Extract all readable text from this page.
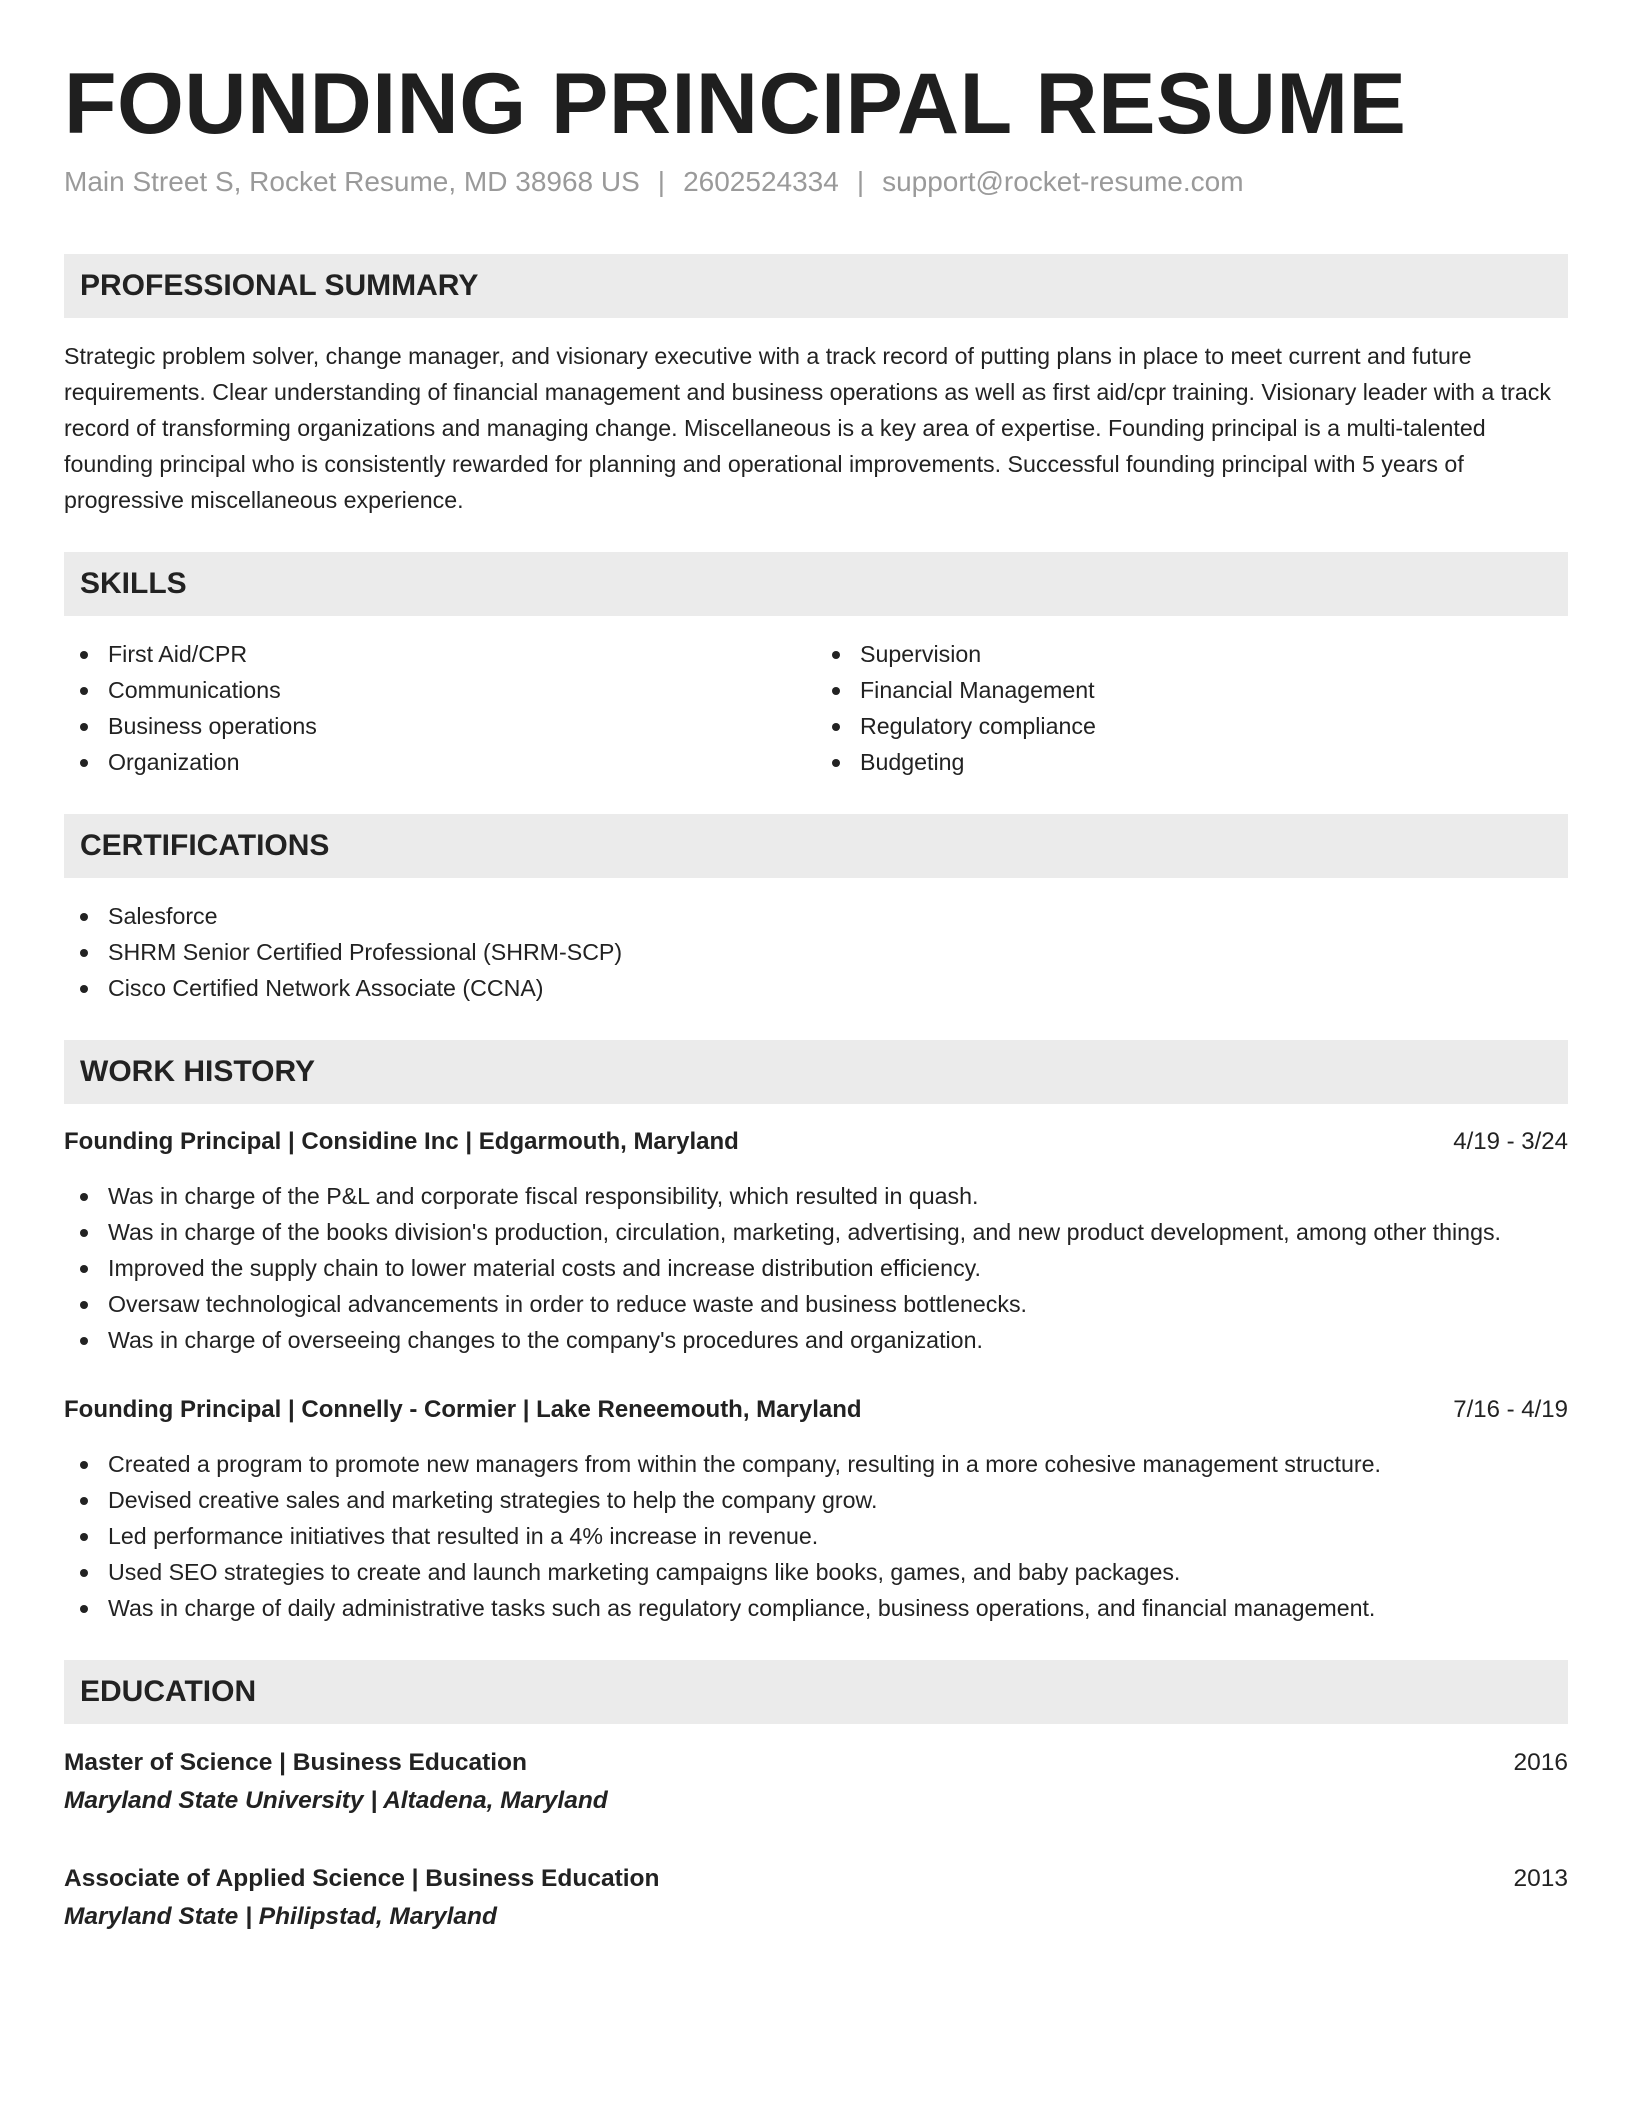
FOUNDING PRINCIPAL RESUME
Main Street S, Rocket Resume, MD 38968 US | 2602524334 | support@rocket-resume.com
PROFESSIONAL SUMMARY

Strategic problem solver, change manager, and visionary executive with a track record of putting plans in place to meet current and future requirements. Clear understanding of financial management and business operations as well as first aid/cpr training. Visionary leader with a track record of transforming organizations and managing change. Miscellaneous is a key area of expertise. Founding principal is a multi-talented founding principal who is consistently rewarded for planning and operational improvements. Successful founding principal with 5 years of progressive miscellaneous experience.

SKILLS
First Aid/CPR
Communications
Business operations
Organization
Supervision
Financial Management
Regulatory compliance
Budgeting
CERTIFICATIONS
Salesforce
SHRM Senior Certified Professional (SHRM-SCP)
Cisco Certified Network Associate (CCNA)
WORK HISTORY
Founding Principal | Considine Inc | Edgarmouth, Maryland	4/19 - 3/24
Was in charge of the P&L and corporate fiscal responsibility, which resulted in quash.
Was in charge of the books division's production, circulation, marketing, advertising, and new product development, among other things.
Improved the supply chain to lower material costs and increase distribution efficiency.
Oversaw technological advancements in order to reduce waste and business bottlenecks.
Was in charge of overseeing changes to the company's procedures and organization.
Founding Principal | Connelly - Cormier | Lake Reneemouth, Maryland	7/16 - 4/19
Created a program to promote new managers from within the company, resulting in a more cohesive management structure.
Devised creative sales and marketing strategies to help the company grow.
Led performance initiatives that resulted in a 4% increase in revenue.
Used SEO strategies to create and launch marketing campaigns like books, games, and baby packages.
Was in charge of daily administrative tasks such as regulatory compliance, business operations, and financial management.
EDUCATION
Master of Science | Business Education	2016
Maryland State University | Altadena, Maryland
Associate of Applied Science | Business Education	2013
Maryland State | Philipstad, Maryland
